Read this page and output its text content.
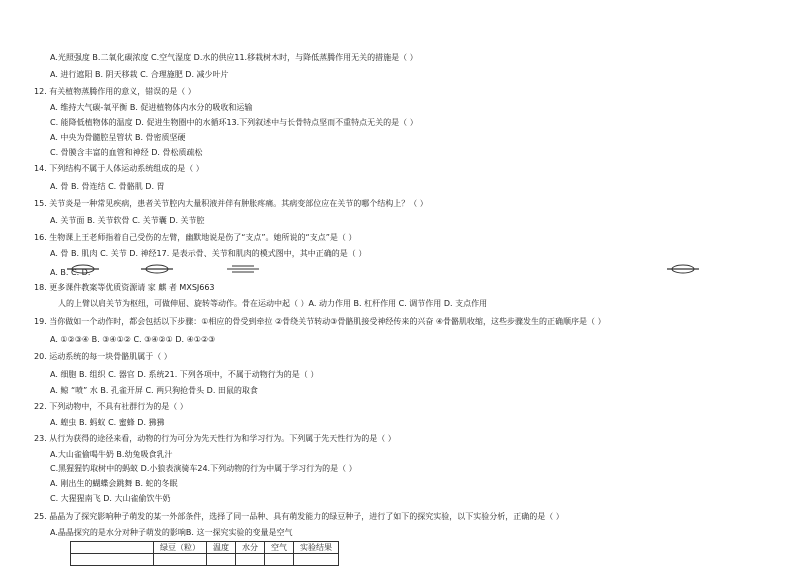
A.光照强度 B.二氧化碳浓度 C.空气湿度 D.水的供应11.移栽树木时，与降低蒸腾作用无关的措施是（ ）
A. 进行遮阳 B. 阴天移栽 C. 合理施肥 D. 减少叶片
12. 有关植物蒸腾作用的意义，错误的是（ ）
A. 维持大气碳-氧平衡 B. 促进植物体内水分的吸收和运输
C. 能降低植物体的温度 D. 促进生物圈中的水循环13.下列叙述中与长骨特点坚而不重特点无关的是（ ）
A. 中央为骨髓腔呈管状 B. 骨密质坚硬
C. 骨膜含丰富的血管和神经 D. 骨松质疏松
14. 下列结构不属于人体运动系统组成的是（ ）
A. 骨 B. 骨连结 C. 骨骼肌 D. 胃
15. 关节炎是一种常见疾病，患者关节腔内大量积液并伴有肿胀疼痛。其病变部位应在关节的哪个结构上？（ ）
A. 关节面 B. 关节软骨 C. 关节囊 D. 关节腔
16. 生物课上王老师指着自己受伤的左臂，幽默地说是伤了“支点”。她所说的“支点”是（ ）
A. 骨 B. 肌肉 C. 关节 D. 神经17. 是表示骨、关节和肌肉的模式图中，其中正确的是（ ）
A. B. C. D.
18. 更多课件教案等优质资源请 家 麒 者 MXSJ663
人的上臂以肩关节为枢纽，可做伸屈、旋转等动作。骨在运动中起（ ）A. 动力作用 B. 杠杆作用 C. 调节作用 D. 支点作用
19. 当你做如一个动作时，都会包括以下步骤：①相应的骨受到牵拉 ②骨绕关节转动③骨骼肌接受神经传来的兴奋 ④骨骼肌收缩，这些步骤发生的正确顺序是（ ）
A. ①②③④ B. ③④①② C. ③④②① D. ④①②③
20. 运动系统的每一块骨骼肌属于（ ）
A. 细胞 B. 组织 C. 器官 D. 系统21. 下列各项中，不属于动物行为的是（ ）
A. 鲸 “喷” 水 B. 孔雀开屏 C. 两只狗抢骨头 D. 田鼠的取食
22. 下列动物中，不具有社群行为的是（ ）
A. 蝗虫 B. 蚂蚁 C. 蜜蜂 D. 狒狒
23. 从行为获得的途径来看，动物的行为可分为先天性行为和学习行为。下列属于先天性行为的是（ ）
A.大山雀偷喝牛奶 B.幼兔吸食乳汁
C.黑猩猩钓取树中的蚂蚁 D.小狼表演骑车24.下列动物的行为中属于学习行为的是（ ）
A. 刚出生的蝴蝶会跳舞 B. 蛇的冬眠
C. 大猩猩南飞 D. 大山雀偷饮牛奶
25. 晶晶为了探究影响种子萌发的某一外部条件，选择了同一品种、具有萌发能力的绿豆种子，进行了如下的探究实验，以下实验分析，正确的是（ ）
A.晶晶探究的是水分对种子萌发的影响B. 这一探究实验的变量是空气
	绿豆（粒）	温度	水分	空气	实验结果
